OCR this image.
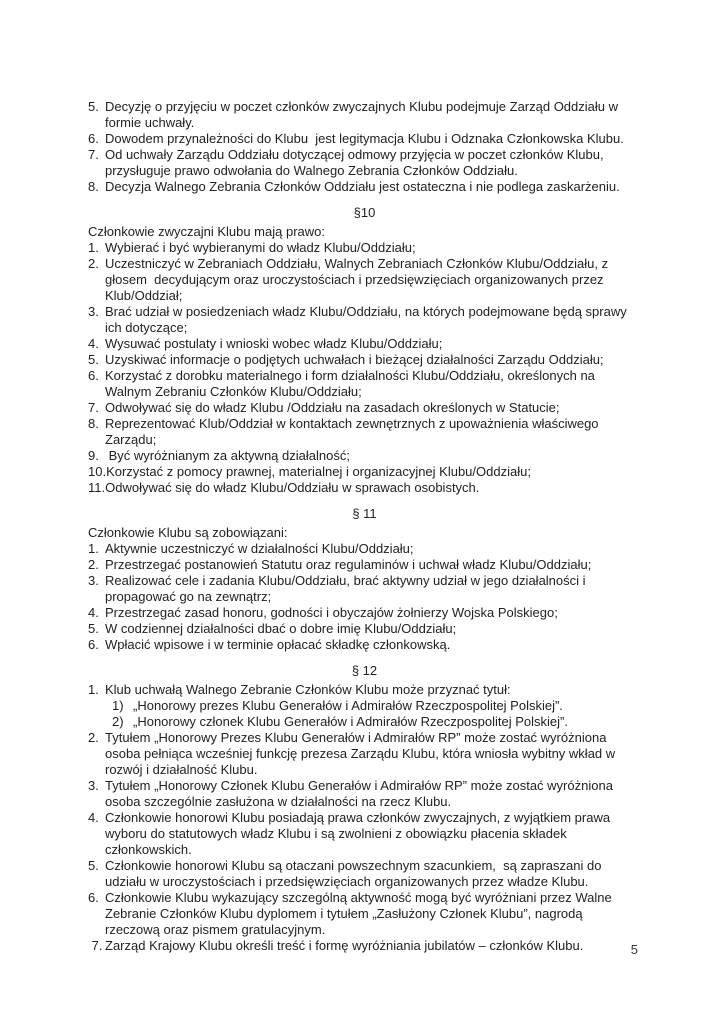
5. Decyzję o przyjęciu w poczet członków zwyczajnych Klubu podejmuje Zarząd Oddziału w formie uchwały.
6. Dowodem przynależności do Klubu  jest legitymacja Klubu i Odznaka Członkowska Klubu.
7. Od uchwały Zarządu Oddziału dotyczącej odmowy przyjęcia w poczet członków Klubu, przysługuje prawo odwołania do Walnego Zebrania Członków Oddziału.
8. Decyzja Walnego Zebrania Członków Oddziału jest ostateczna i nie podlega zaskarżeniu.
§10
Członkowie zwyczajni Klubu mają prawo:
1. Wybierać i być wybieranymi do władz Klubu/Oddziału;
2. Uczestniczyć w Zebraniach Oddziału, Walnych Zebraniach Członków Klubu/Oddziału, z głosem  decydującym oraz uroczystościach i przedsięwzięciach organizowanych przez Klub/Oddział;
3. Brać udział w posiedzeniach władz Klubu/Oddziału, na których podejmowane będą sprawy ich dotyczące;
4. Wysuwać postulaty i wnioski wobec władz Klubu/Oddziału;
5. Uzyskiwać informacje o podjętych uchwałach i bieżącej działalności Zarządu Oddziału;
6. Korzystać z dorobku materialnego i form działalności Klubu/Oddziału, określonych na Walnym Zebraniu Członków Klubu/Oddziału;
7. Odwoływać się do władz Klubu /Oddziału na zasadach określonych w Statucie;
8. Reprezentować Klub/Oddział w kontaktach zewnętrznych z upoważnienia właściwego Zarządu;
9. Być wyróżnianym za aktywną działalność;
10. Korzystać z pomocy prawnej, materialnej i organizacyjnej Klubu/Oddziału;
11. Odwoływać się do władz Klubu/Oddziału w sprawach osobistych.
§ 11
Członkowie Klubu są zobowiązani:
1. Aktywnie uczestniczyć w działalności Klubu/Oddziału;
2. Przestrzegać postanowień Statutu oraz regulaminów i uchwał władz Klubu/Oddziału;
3. Realizować cele i zadania Klubu/Oddziału, brać aktywny udział w jego działalności i propagować go na zewnątrz;
4. Przestrzegać zasad honoru, godności i obyczajów żołnierzy Wojska Polskiego;
5. W codziennej działalności dbać o dobre imię Klubu/Oddziału;
6. Wpłacić wpisowe i w terminie opłacać składkę członkowską.
§ 12
1. Klub uchwałą Walnego Zebranie Członków Klubu może przyznać tytuł:
1) „Honorowy prezes Klubu Generałów i Admirałów Rzeczpospolitej Polskiej”.
2) „Honorowy członek Klubu Generałów i Admirałów Rzeczpospolitej Polskiej”.
2. Tytułem „Honorowy Prezes Klubu Generałów i Admirałów RP” może zostać wyróżniona osoba pełniąca wcześniej funkcję prezesa Zarządu Klubu, która wniosła wybitny wkład w rozwój i działalność Klubu.
3. Tytułem „Honorowy Członek Klubu Generałów i Admirałów RP” może zostać wyróżniona osoba szczególnie zasłużona w działalności na rzecz Klubu.
4. Członkowie honorowi Klubu posiadają prawa członków zwyczajnych, z wyjątkiem prawa wyboru do statutowych władz Klubu i są zwolnieni z obowiązku płacenia składek członkowskich.
5. Członkowie honorowi Klubu są otaczani powszechnym szacunkiem,  są zapraszani do udziału w uroczystościach i przedsięwzięciach organizowanych przez władze Klubu.
6. Członkowie Klubu wykazujący szczególną aktywność mogą być wyróżniani przez Walne Zebranie Członków Klubu dyplomem i tytułem „Zasłużony Członek Klubu”, nagrodą rzeczową oraz pismem gratulacyjnym.
7. Zarząd Krajowy Klubu określi treść i formę wyróżniania jubilatów – członków Klubu.	5
